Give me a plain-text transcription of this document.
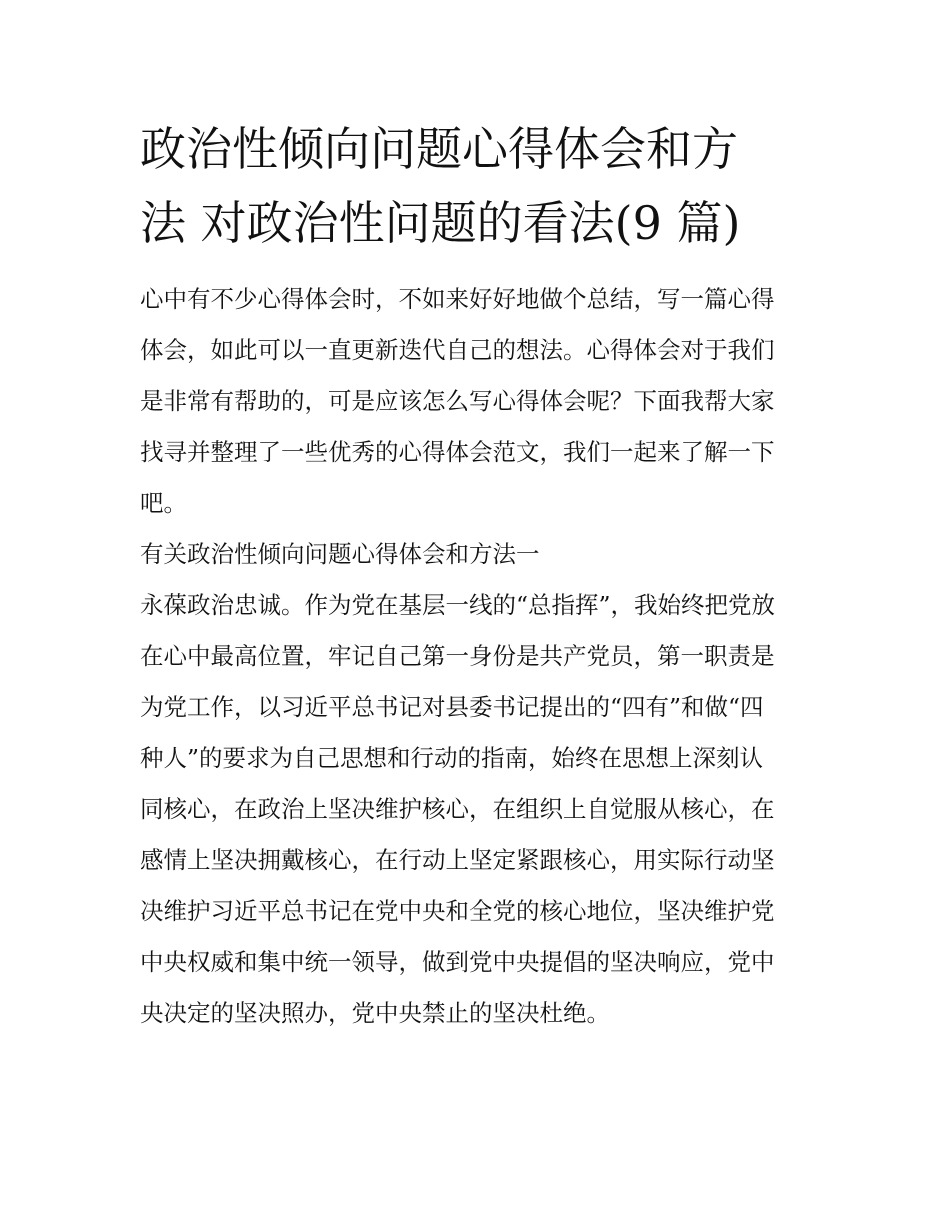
政治性倾向问题心得体会和方
法 对政治性问题的看法(9 篇)

心中有不少心得体会时，不如来好好地做个总结，写一篇心得
体会，如此可以一直更新迭代自己的想法。心得体会对于我们
是非常有帮助的，可是应该怎么写心得体会呢？下面我帮大家
找寻并整理了一些优秀的心得体会范文，我们一起来了解一下
吧。

有关政治性倾向问题心得体会和方法一

永葆政治忠诚。作为党在基层一线的“总指挥”，我始终把党放
在心中最高位置，牢记自己第一身份是共产党员，第一职责是
为党工作，以习近平总书记对县委书记提出的“四有”和做“四
种人”的要求为自己思想和行动的指南，始终在思想上深刻认
同核心，在政治上坚决维护核心，在组织上自觉服从核心，在
感情上坚决拥戴核心，在行动上坚定紧跟核心，用实际行动坚
决维护习近平总书记在党中央和全党的核心地位，坚决维护党
中央权威和集中统一领导，做到党中央提倡的坚决响应，党中
央决定的坚决照办，党中央禁止的坚决杜绝。
